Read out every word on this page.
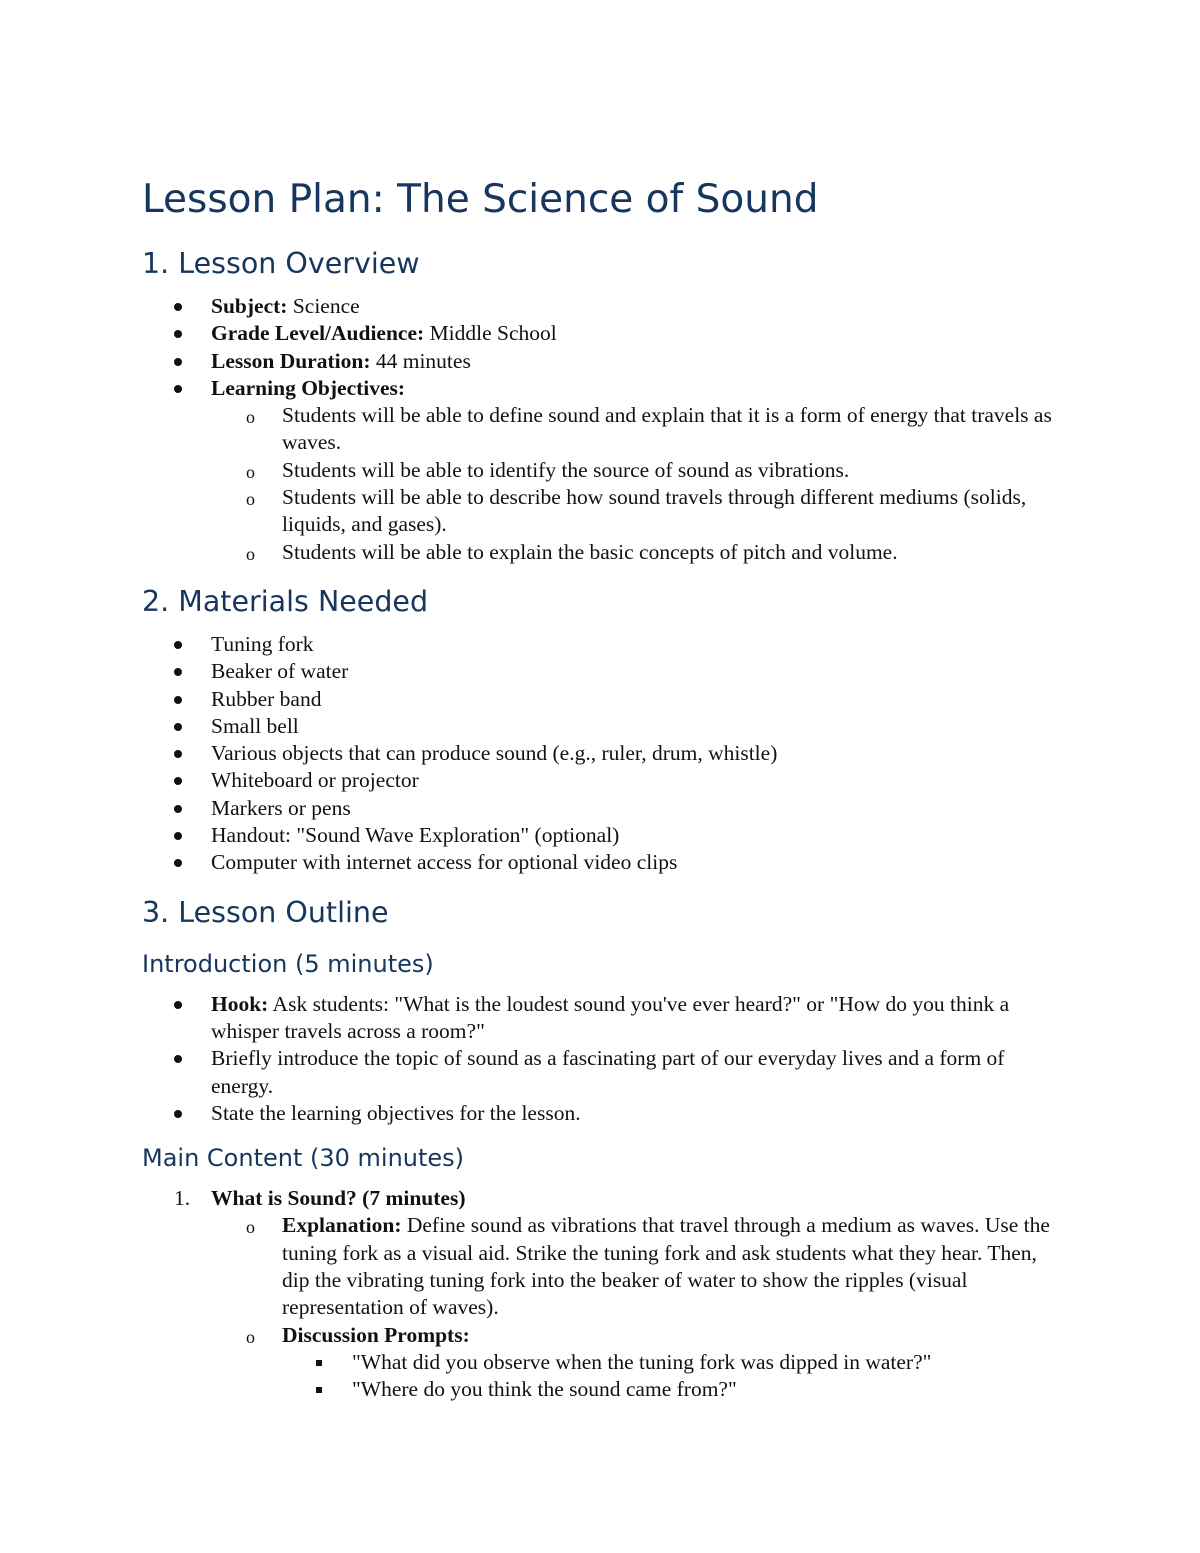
Lesson Plan: The Science of Sound
1. Lesson Overview
Subject: Science
Grade Level/Audience: Middle School
Lesson Duration: 44 minutes
Learning Objectives:
o Students will be able to define sound and explain that it is a form of energy that travels as waves.
o Students will be able to identify the source of sound as vibrations.
o Students will be able to describe how sound travels through different mediums (solids, liquids, and gases).
o Students will be able to explain the basic concepts of pitch and volume.
2. Materials Needed
Tuning fork
Beaker of water
Rubber band
Small bell
Various objects that can produce sound (e.g., ruler, drum, whistle)
Whiteboard or projector
Markers or pens
Handout: "Sound Wave Exploration" (optional)
Computer with internet access for optional video clips
3. Lesson Outline
Introduction (5 minutes)
Hook: Ask students: "What is the loudest sound you've ever heard?" or "How do you think a whisper travels across a room?"
Briefly introduce the topic of sound as a fascinating part of our everyday lives and a form of energy.
State the learning objectives for the lesson.
Main Content (30 minutes)
1. What is Sound? (7 minutes)
o Explanation: Define sound as vibrations that travel through a medium as waves. Use the tuning fork as a visual aid. Strike the tuning fork and ask students what they hear. Then, dip the vibrating tuning fork into the beaker of water to show the ripples (visual representation of waves).
o Discussion Prompts:
"What did you observe when the tuning fork was dipped in water?"
"Where do you think the sound came from?"
